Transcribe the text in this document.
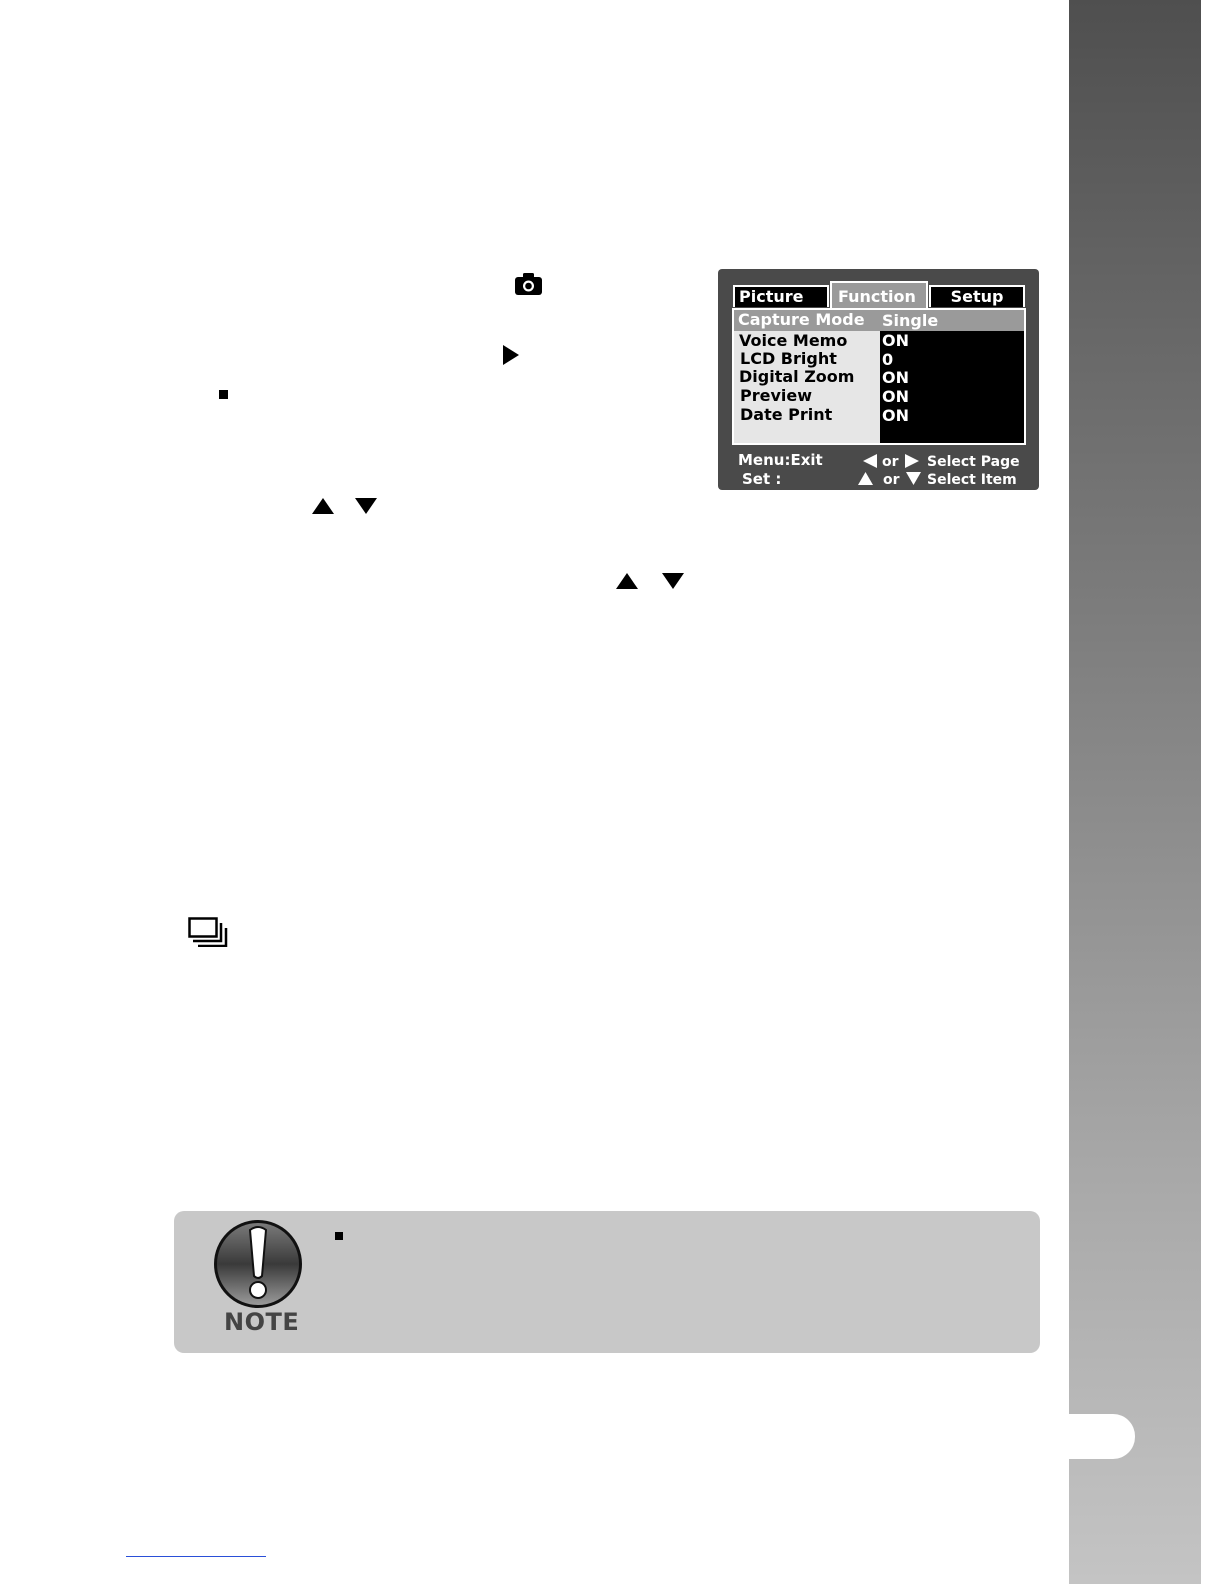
Picture	Setup
Function
Capture Mode Single
Voice Memo ON
LCD Bright	0
Digital Zoom ON
Preview	ON
Date Print	ON
Menu:Exit
Set :
or Select Page
or Select Item
NOTE
